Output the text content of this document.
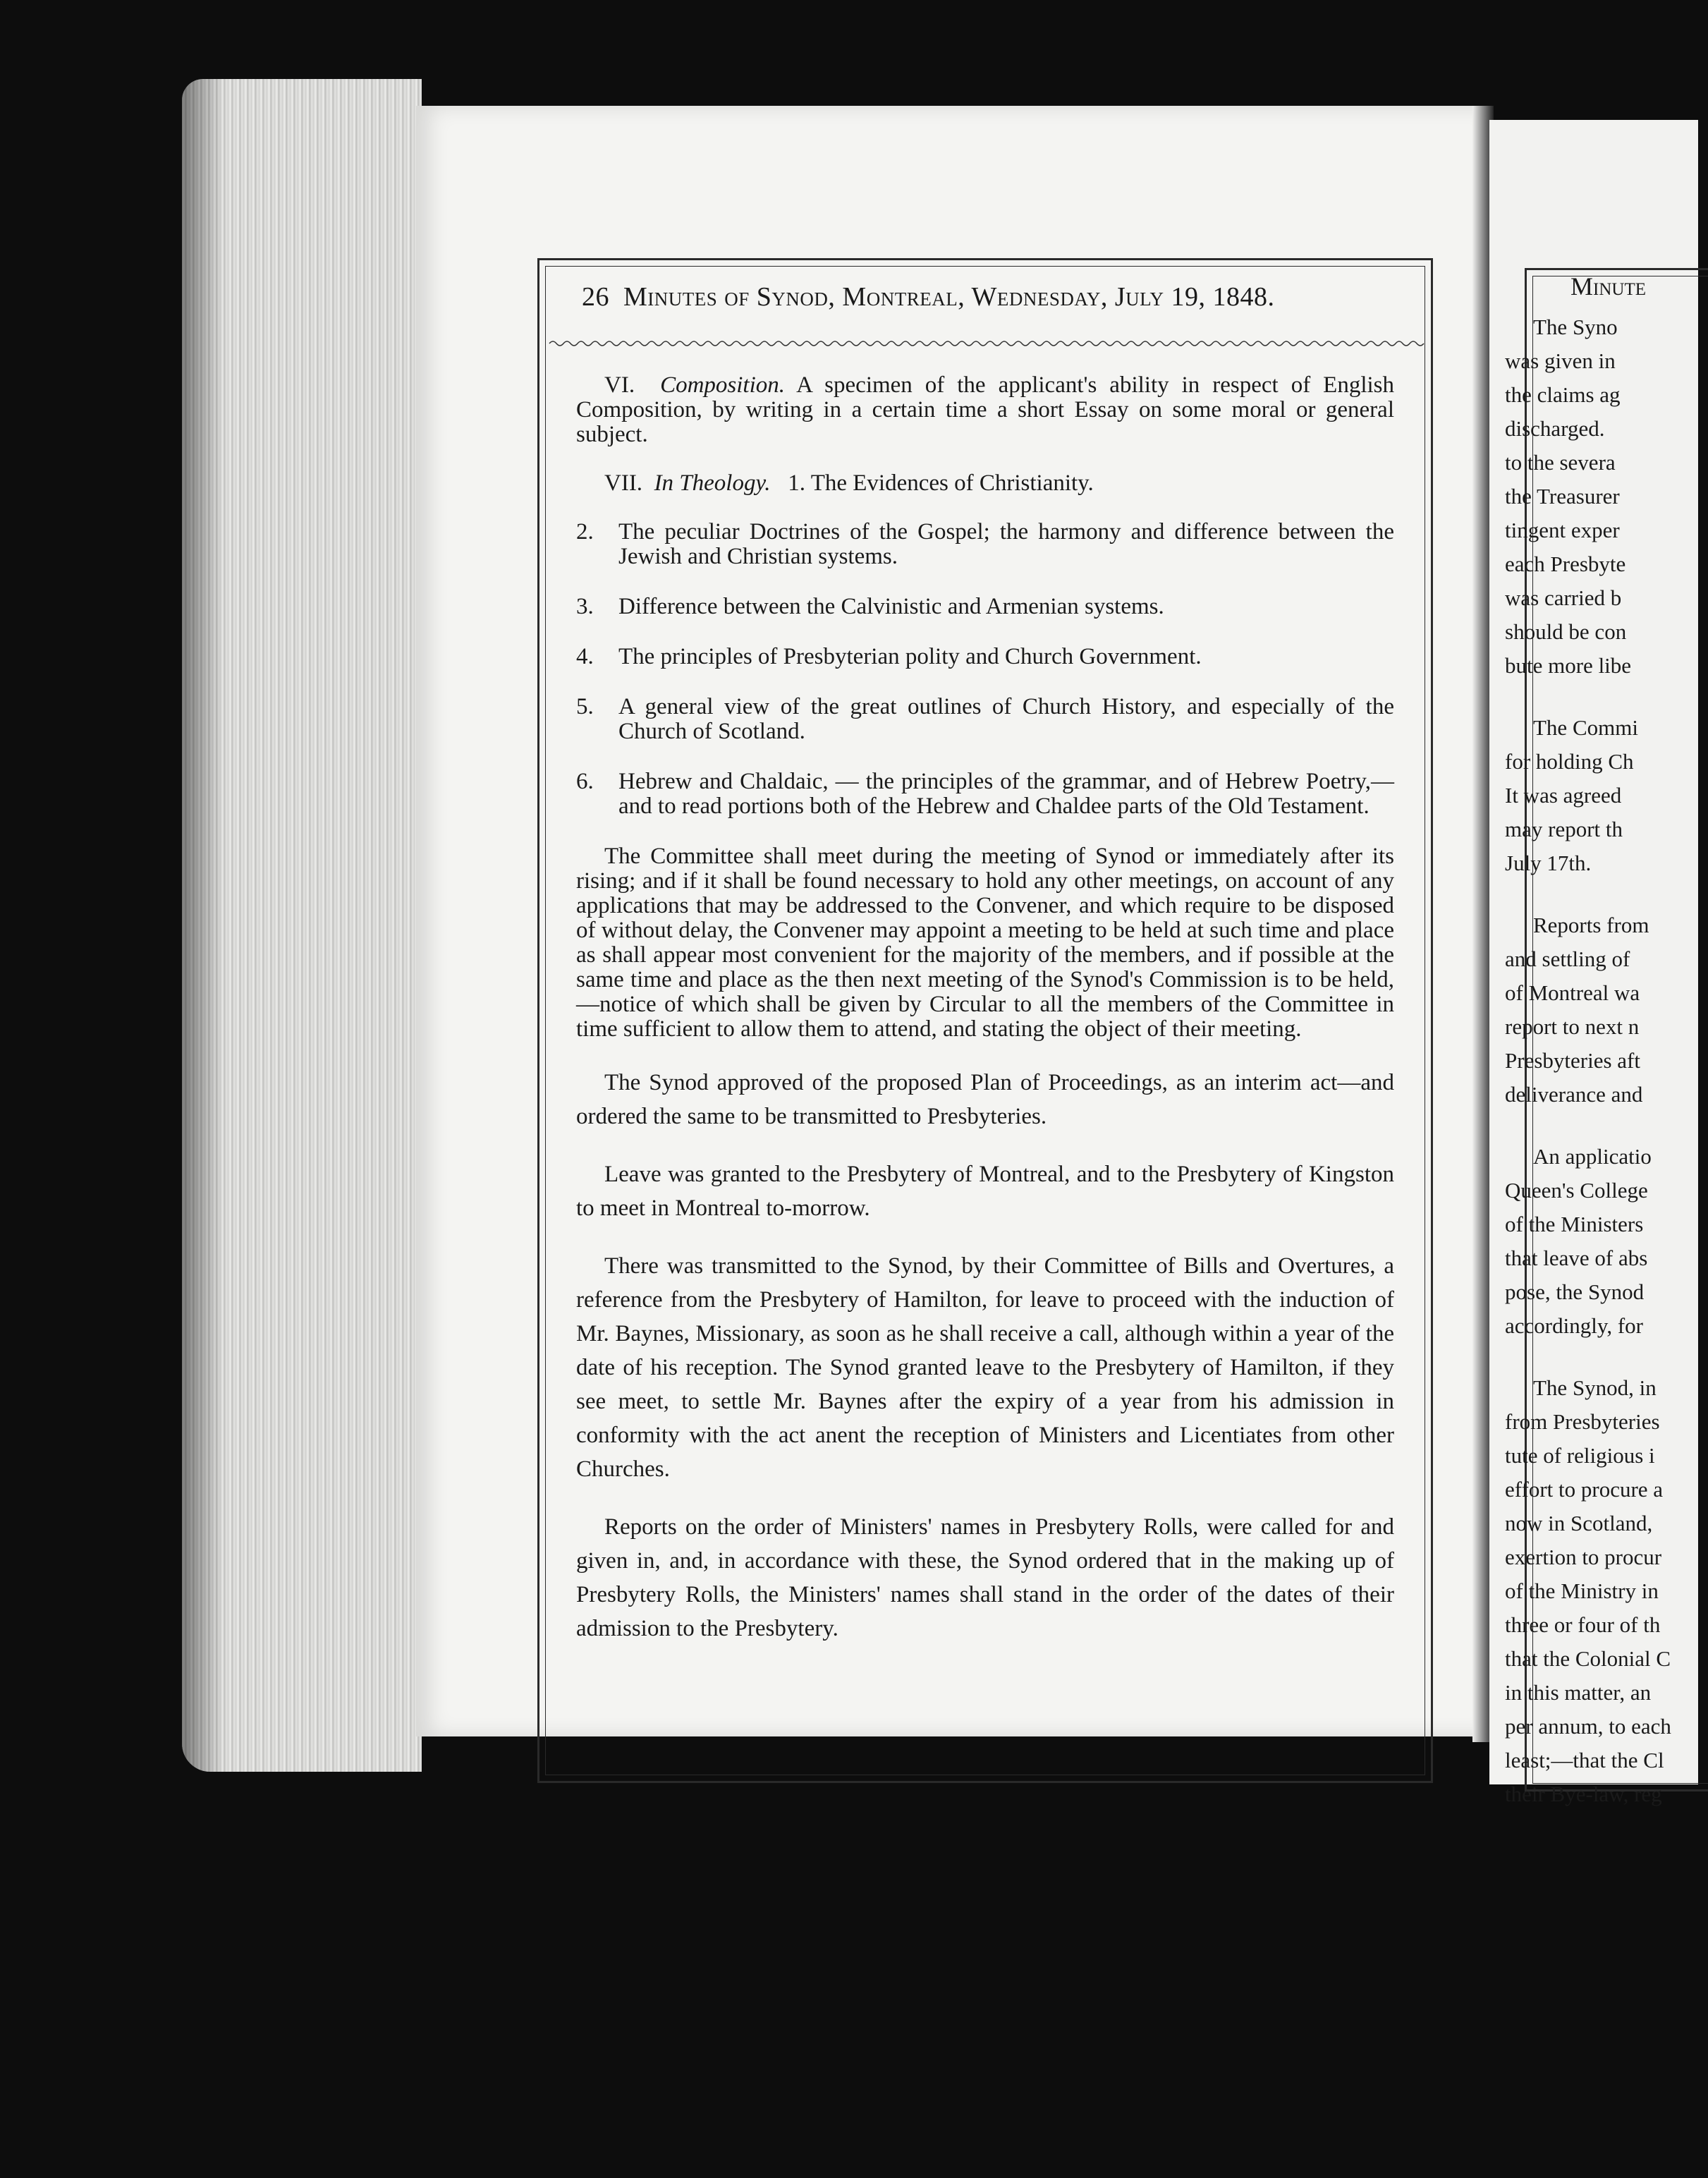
26 Minutes of Synod, Montreal, Wednesday, July 19, 1848.

VI. Composition. A specimen of the applicant's ability in respect of English Composition, by writing in a certain time a short Essay on some moral or general subject.

VII. In Theology. 1. The Evidences of Christianity.

2. The peculiar Doctrines of the Gospel; the harmony and difference between the Jewish and Christian systems.

3. Difference between the Calvinistic and Armenian systems.

4. The principles of Presbyterian polity and Church Government.

5. A general view of the great outlines of Church History, and especially of the Church of Scotland.

6. Hebrew and Chaldaic, — the principles of the grammar, and of Hebrew Poetry,—and to read portions both of the Hebrew and Chaldee parts of the Old Testament.

The Committee shall meet during the meeting of Synod or immediately after its rising; and if it shall be found necessary to hold any other meetings, on account of any applications that may be addressed to the Convener, and which require to be disposed of without delay, the Convener may appoint a meeting to be held at such time and place as shall appear most convenient for the majority of the members, and if possible at the same time and place as the then next meeting of the Synod's Commission is to be held,—notice of which shall be given by Circular to all the members of the Committee in time sufficient to allow them to attend, and stating the object of their meeting.

The Synod approved of the proposed Plan of Proceedings, as an interim act—and ordered the same to be transmitted to Presbyteries.

Leave was granted to the Presbytery of Montreal, and to the Presbytery of Kingston to meet in Montreal to-morrow.

There was transmitted to the Synod, by their Committee of Bills and Overtures, a reference from the Presbytery of Hamilton, for leave to proceed with the induction of Mr. Baynes, Missionary, as soon as he shall receive a call, although within a year of the date of his reception. The Synod granted leave to the Presbytery of Hamilton, if they see meet, to settle Mr. Baynes after the expiry of a year from his admission in conformity with the act anent the reception of Ministers and Licentiates from other Churches.

Reports on the order of Ministers' names in Presbytery Rolls, were called for and given in, and, in accordance with these, the Synod ordered that in the making up of Presbytery Rolls, the Ministers' names shall stand in the order of the dates of their admission to the Presbytery.

Minute
The Syno
was given in
the claims ag
discharged.
to the severa
the Treasurer
tingent exper
each Presbyte
was carried b
should be con
bute more libe
The Commi
for holding Ch
It was agreed
may report th
July 17th.
Reports from
and settling of
of Montreal wa
report to next n
Presbyteries aft
deliverance and
An applicatio
Queen's College
of the Ministers
that leave of abs
pose, the Synod
accordingly, for
The Synod, in
from Presbyteries
tute of religious i
effort to procure a
now in Scotland,
exertion to procur
of the Ministry in
three or four of th
that the Colonial C
in this matter, an
per annum, to each
least;—that the Cl
their Bye-law, reg
